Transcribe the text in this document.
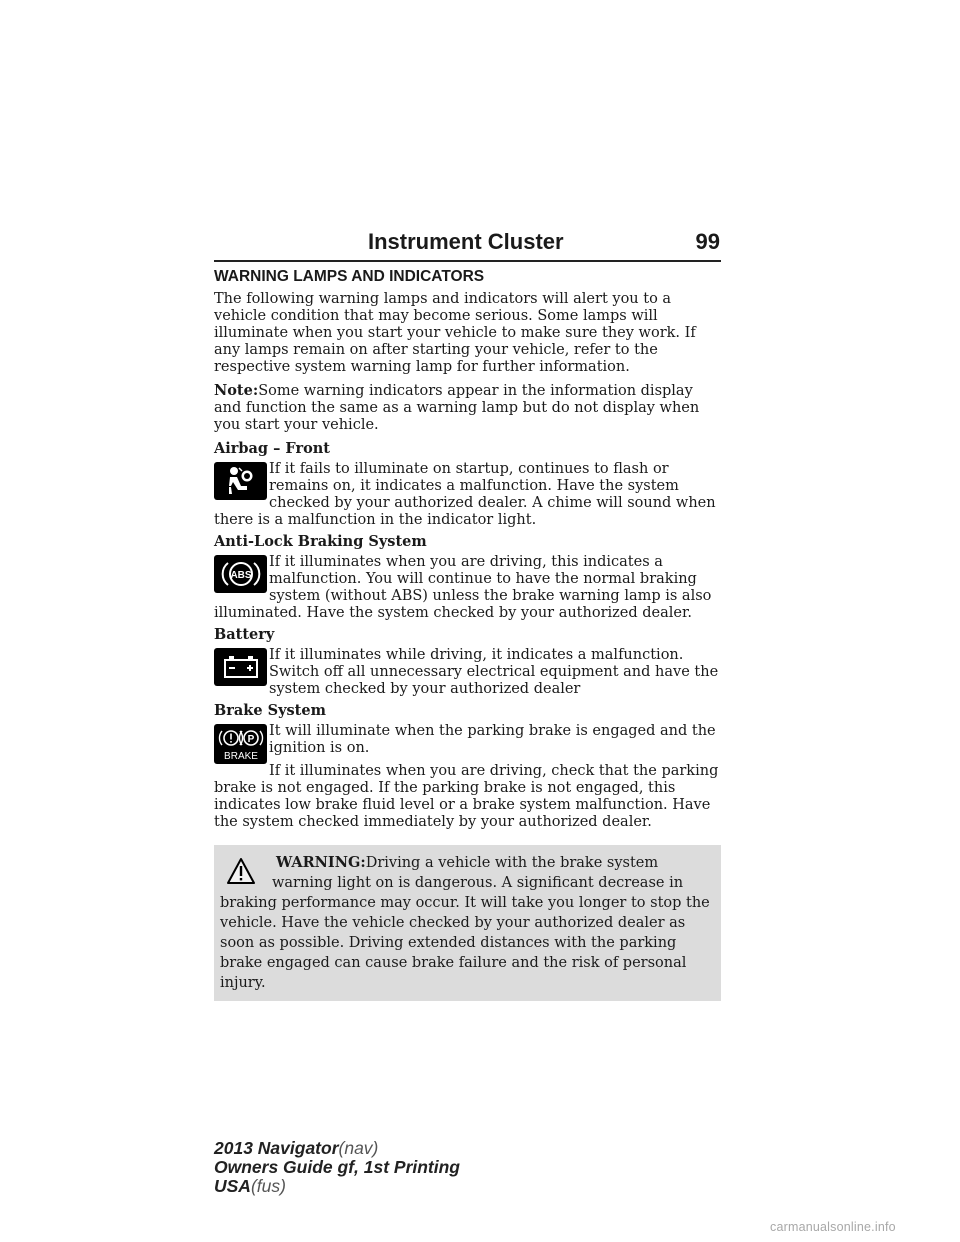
Instrument Cluster	99
WARNING LAMPS AND INDICATORS

The following warning lamps and indicators will alert you to a vehicle condition that may become serious. Some lamps will illuminate when you start your vehicle to make sure they work. If any lamps remain on after starting your vehicle, refer to the respective system warning lamp for further information.

Note:Some warning indicators appear in the information display and function the same as a warning lamp but do not display when you start your vehicle.

Airbag – Front
If it fails to illuminate on startup, continues to flash or remains on, it indicates a malfunction. Have the system checked by your authorized dealer. A chime will sound when there is a malfunction in the indicator light.
Anti-Lock Braking System
ABS
If it illuminates when you are driving, this indicates a malfunction. You will continue to have the normal braking system (without ABS) unless the brake warning lamp is also illuminated. Have the system checked by your authorized dealer.
Battery
If it illuminates while driving, it indicates a malfunction. Switch off all unnecessary electrical equipment and have the system checked by your authorized dealer
Brake System
P
BRAKE
It will illuminate when the parking brake is engaged and the ignition is on.
If it illuminates when you are driving, check that the parking brake is not engaged. If the parking brake is not engaged, this indicates low brake fluid level or a brake system malfunction. Have the system checked immediately by your authorized dealer.

WARNING:Driving a vehicle with the brake system warning light on is dangerous. A significant decrease in braking performance may occur. It will take you longer to stop the vehicle. Have the vehicle checked by your authorized dealer as soon as possible. Driving extended distances with the parking brake engaged can cause brake failure and the risk of personal injury.

2013 Navigator(nav)
Owners Guide gf, 1st Printing
USA(fus)
carmanualsonline.info
